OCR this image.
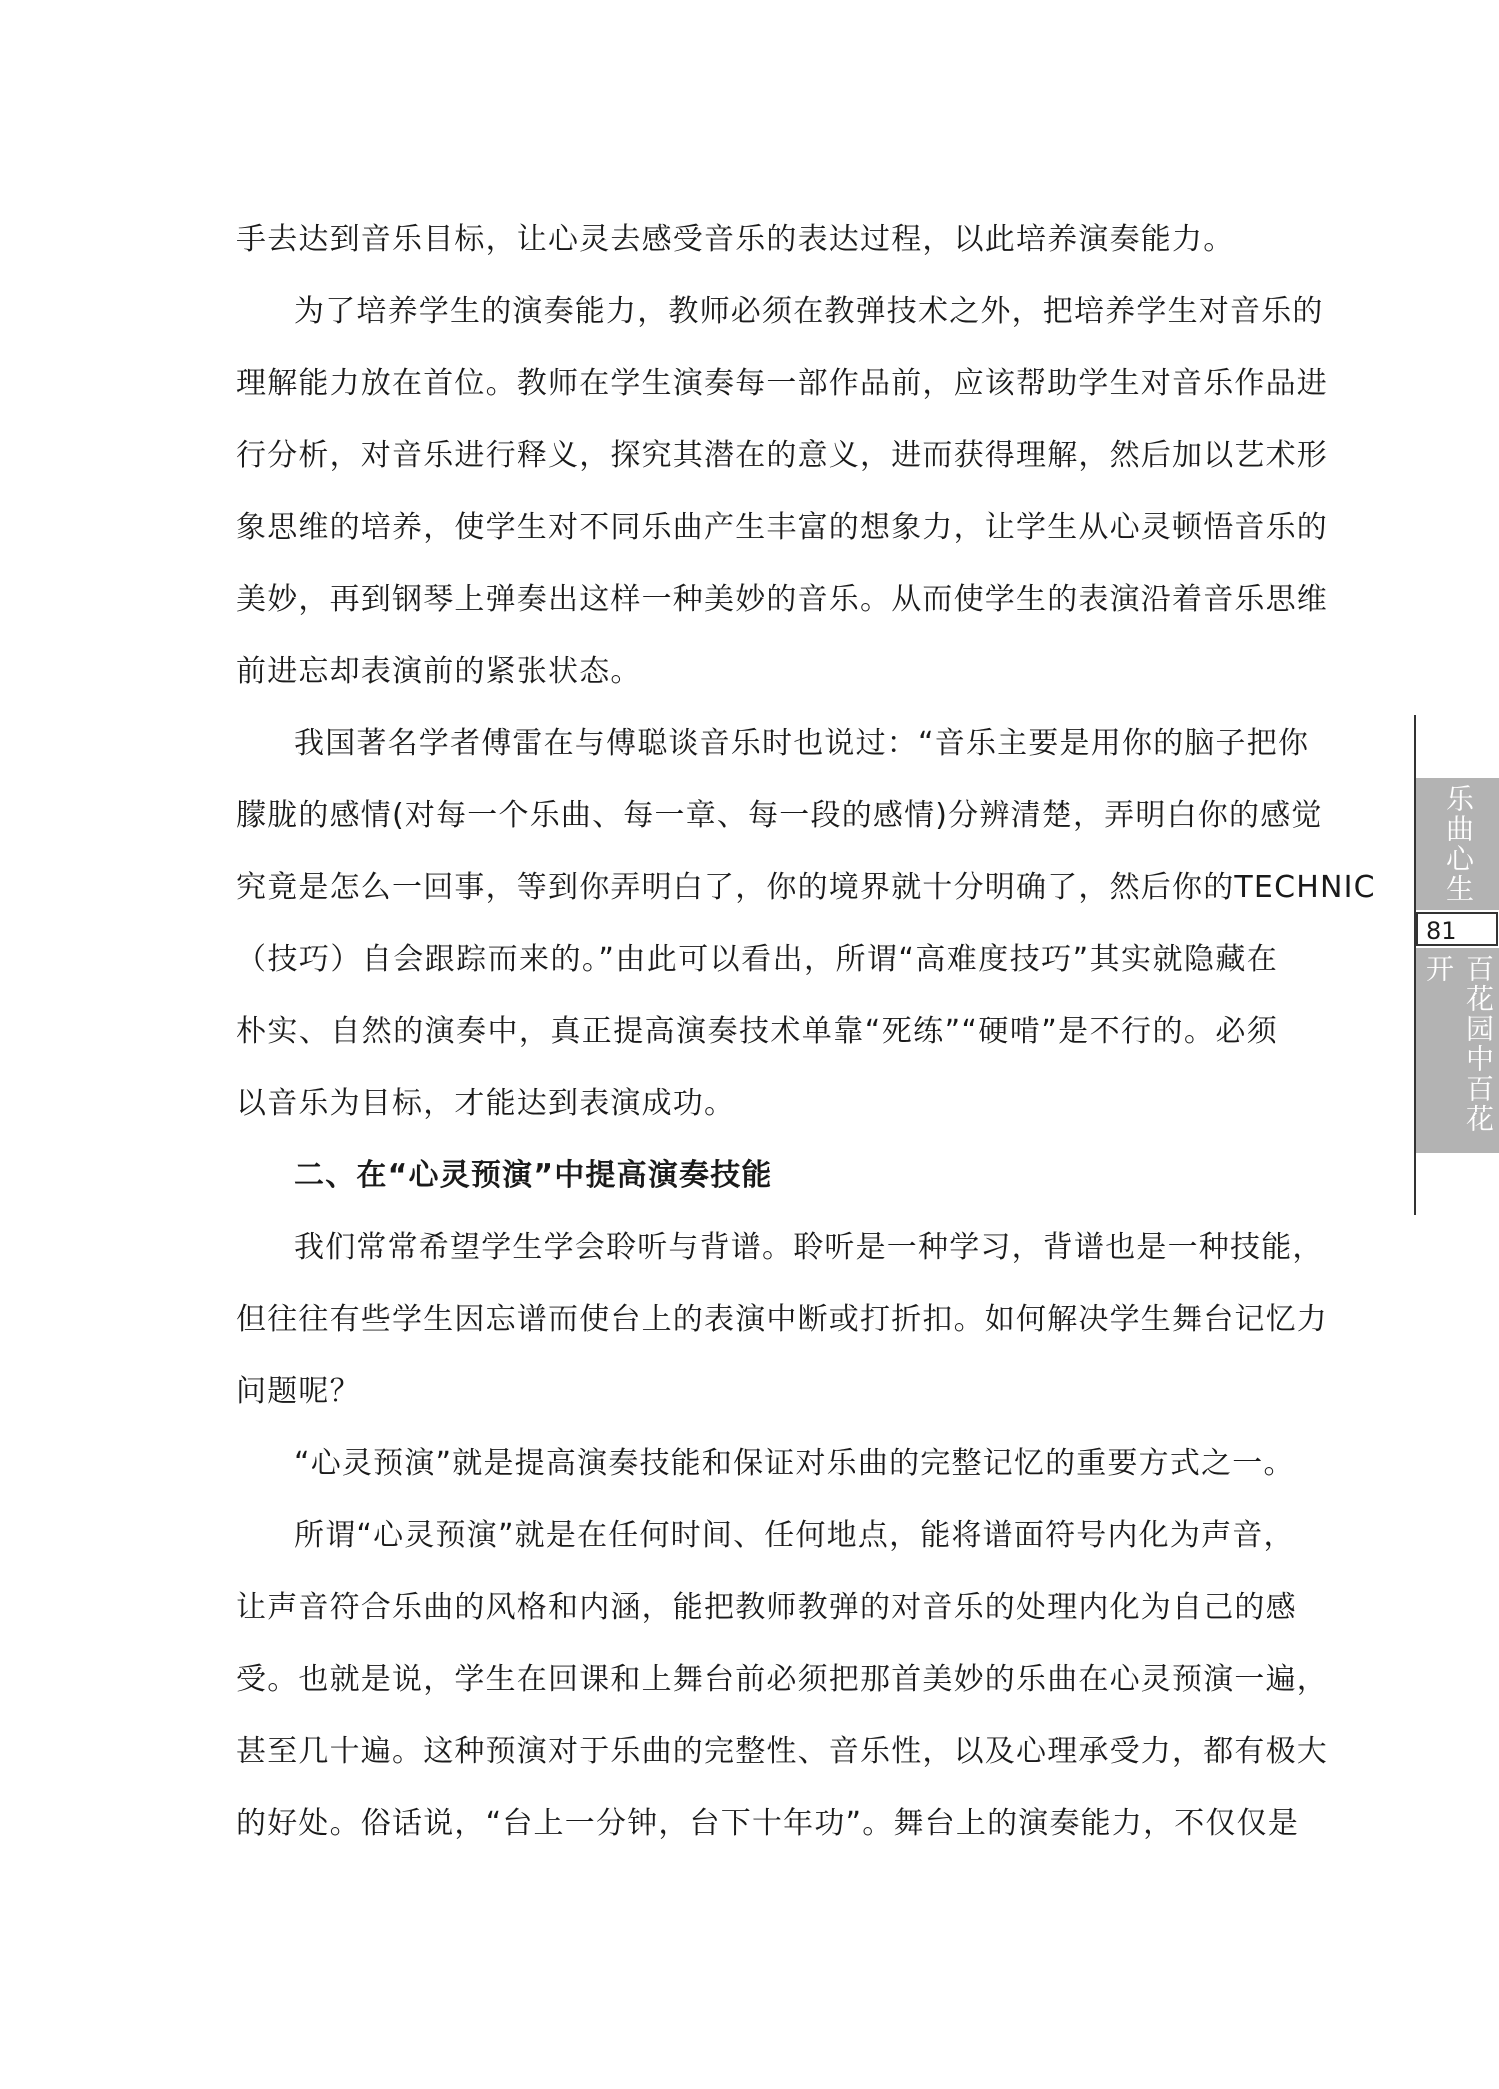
手去达到音乐目标，让心灵去感受音乐的表达过程，以此培养演奏能力。
为了培养学生的演奏能力，教师必须在教弹技术之外，把培养学生对音乐的
理解能力放在首位。教师在学生演奏每一部作品前，应该帮助学生对音乐作品进
行分析，对音乐进行释义，探究其潜在的意义，进而获得理解，然后加以艺术形
象思维的培养，使学生对不同乐曲产生丰富的想象力，让学生从心灵顿悟音乐的
美妙，再到钢琴上弹奏出这样一种美妙的音乐。从而使学生的表演沿着音乐思维
前进忘却表演前的紧张状态。
我国著名学者傅雷在与傅聪谈音乐时也说过：“音乐主要是用你的脑子把你
朦胧的感情(对每一个乐曲、每一章、每一段的感情)分辨清楚，弄明白你的感觉
究竟是怎么一回事，等到你弄明白了，你的境界就十分明确了，然后你的TECHNIC
（技巧）自会跟踪而来的。”由此可以看出，所谓“高难度技巧”其实就隐藏在
朴实、自然的演奏中，真正提高演奏技术单靠“死练”“硬啃”是不行的。必须
以音乐为目标，才能达到表演成功。
二、在“心灵预演”中提高演奏技能
我们常常希望学生学会聆听与背谱。聆听是一种学习，背谱也是一种技能，
但往往有些学生因忘谱而使台上的表演中断或打折扣。如何解决学生舞台记忆力
问题呢？
“心灵预演”就是提高演奏技能和保证对乐曲的完整记忆的重要方式之一。
所谓“心灵预演”就是在任何时间、任何地点，能将谱面符号内化为声音，
让声音符合乐曲的风格和内涵，能把教师教弹的对音乐的处理内化为自己的感
受。也就是说，学生在回课和上舞台前必须把那首美妙的乐曲在心灵预演一遍，
甚至几十遍。这种预演对于乐曲的完整性、音乐性，以及心理承受力，都有极大
的好处。俗话说，“台上一分钟，台下十年功”。舞台上的演奏能力，不仅仅是
乐曲心生
81
百花园中百花开
